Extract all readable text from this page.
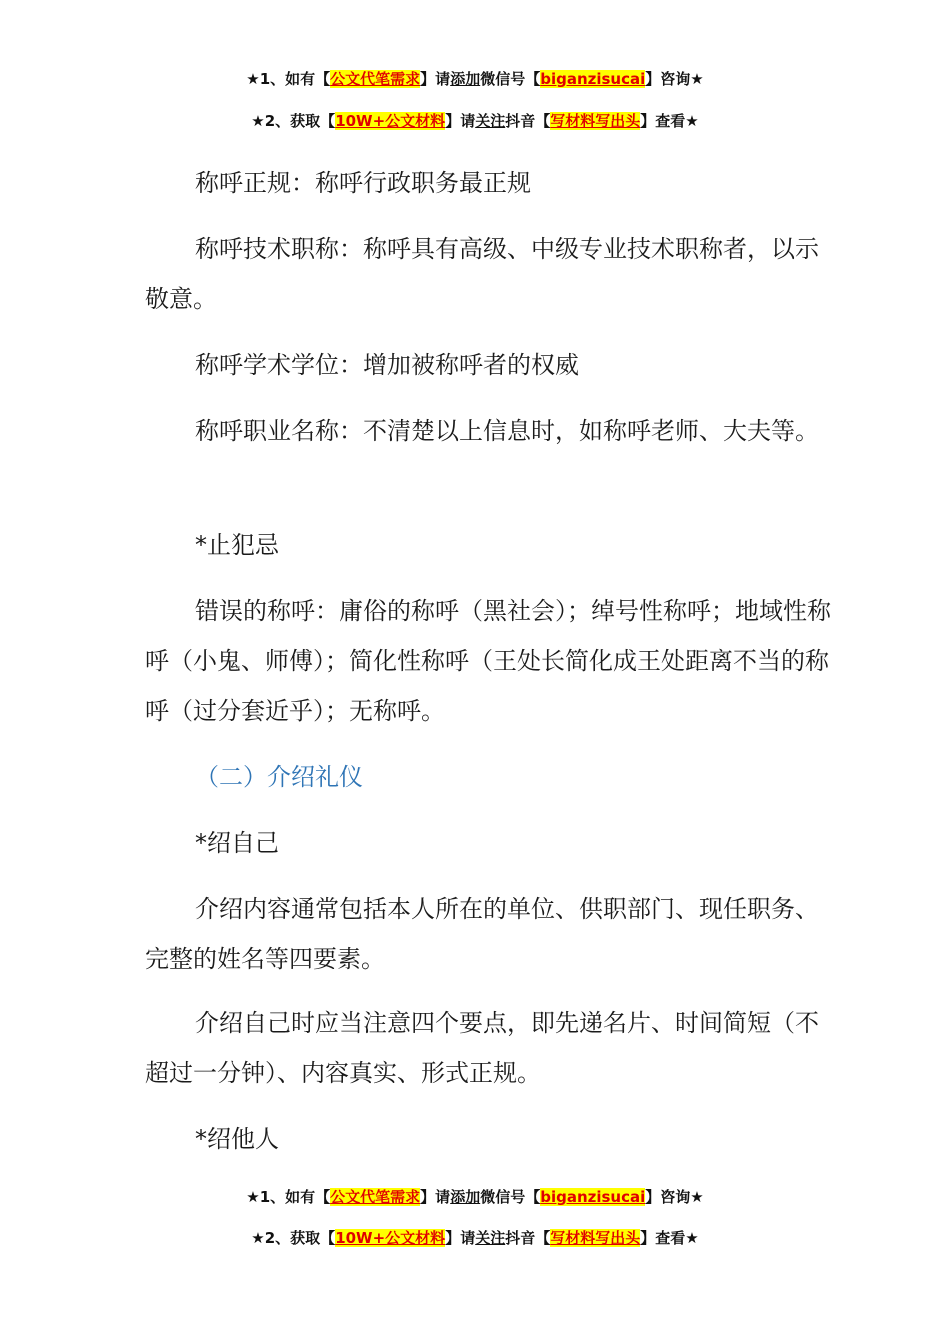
★1、如有【公文代笔需求】请添加微信号【biganzisucai】咨询★
★2、获取【10W+公文材料】请关注抖音【写材料写出头】查看★
称呼正规：称呼行政职务最正规
称呼技术职称：称呼具有高级、中级专业技术职称者，以示敬意。
称呼学术学位：增加被称呼者的权威
称呼职业名称：不清楚以上信息时，如称呼老师、大夫等。
*止犯忌
错误的称呼：庸俗的称呼（黑社会）；绰号性称呼；地域性称呼（小鬼、师傅）；简化性称呼（王处长简化成王处距离不当的称呼（过分套近乎）；无称呼。
（二）介绍礼仪
*绍自己
介绍内容通常包括本人所在的单位、供职部门、现任职务、完整的姓名等四要素。
介绍自己时应当注意四个要点，即先递名片、时间简短（不超过一分钟）、内容真实、形式正规。
*绍他人
★1、如有【公文代笔需求】请添加微信号【biganzisucai】咨询★
★2、获取【10W+公文材料】请关注抖音【写材料写出头】查看★
